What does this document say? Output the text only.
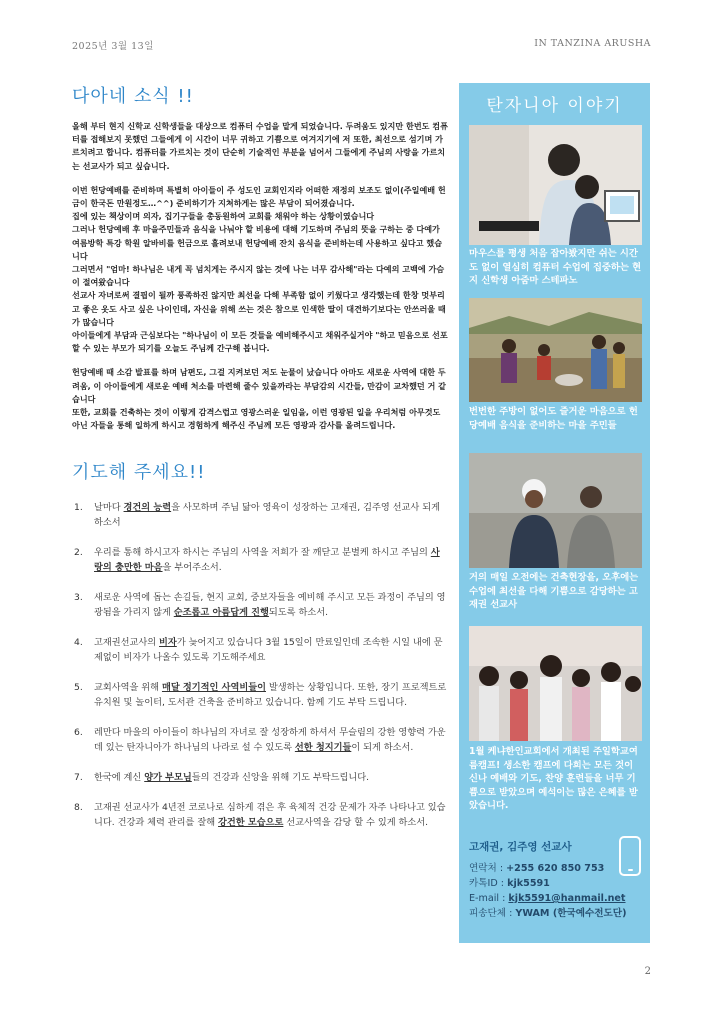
2025년 3월 13일	IN TANZINA ARUSHA
다아네 소식 !!

올해 부터 현지 신학교 신학생들을 대상으로 컴퓨터 수업을 맡게 되었습니다. 두려움도 있지만 한번도 컴퓨터를 접해보지 못했던 그들에게 이 시간이 너무 귀하고 기쁨으로 여겨지기에 저 또한, 최선으로 섬기며 가르치려고 합니다. 컴퓨터를 가르치는 것이 단순히 기술적인 부분을 넘어서 그들에게 주님의 사랑을 가르치는 선교사가 되고 싶습니다.

이번 헌당예배를 준비하며 특별히 아이들이 주 성도인 교회인지라 어떠한 재정의 보조도 없이(주일예배 헌금이 한국돈 만원정도…^^) 준비하기가 지쳐하게는 많은 부담이 되어졌습니다.

집에 있는 책상이며 의자, 집기구들을 총동원하여 교회를 채워야 하는 상황이였습니다

그러나 헌당예배 후 마을주민들과 음식을 나눠야 할 비용에 대해 기도하며 주님의 뜻을 구하는 중 다예가 여름방학 특강 학원 알바비를 헌금으로 흘려보내 헌당예배 잔치 음식을 준비하는데 사용하고 싶다고 했습니다

그러면서 "엄마! 하나님은 내게 꼭 넘치게는 주시지 않는 것에 나는 너무 감사해"라는 다예의 고백에 가슴이 절여왔습니다

선교사 자녀로써 결핍이 될까 풍족하진 않지만 최선을 다해 부족함 없이 키웠다고 생각했는데 한창 멋부리고 좋은 옷도 사고 싶은 나이인데, 자신을 위해 쓰는 것은 참으로 인색한 딸이 대견하기보다는 안쓰러울 때가 많습니다

아이들에게 부담과 근심보다는 "하나님이 이 모든 것들을 예비해주시고 채워주실거야 "하고 믿음으로 선포할 수 있는 부모가 되기를 오늘도 주님께 간구해 봅니다.

헌당예배 때 소감 발표를 하며 남편도, 그걸 지켜보던 저도 눈물이 났습니다 아마도 새로운 사역에 대한 두려움, 이 아이들에게 새로운 예배 처소를 마련해 줄수 있을까라는 부담감의 시간들, 만감이 교차했던 거 같습니다

또한, 교회를 건축하는 것이 이렇게 감격스럽고 영광스러운 일임을, 이런 영광된 일을 우리처럼 아무것도 아닌 자들을 통해 일하게 하시고 경험하게 해주신 주님께 모든 영광과 감사를 올려드립니다.

기도해 주세요!!
1. 날마다 경건의 능력을 사모하며 주님 닮아 영육이 성장하는 고재권, 김주영 선교사 되게 하소서
2. 우리를 통해 하시고자 하시는 주님의 사역을 저희가 잘 깨닫고 분별케 하시고 주님의 사랑의 충만한 마음을 부어주소서.
3. 새로운 사역에 돕는 손길들, 현지 교회, 중보자들을 예비해 주시고 모든 과정이 주님의 영광됨을 가리지 않게 순조롭고 아름답게 진행되도록 하소서.
4. 고재권선교사의 비자가 늦어지고 있습니다 3월 15일이 만료일인데 조속한 시일 내에 문제없이 비자가 나올수 있도록 기도해주세요
5. 교회사역을 위해 매달 정기적인 사역비들이 발생하는 상황입니다. 또한, 장기 프로젝트로 유치원 및 놀이터, 도서관 건축을 준비하고 있습니다. 함께 기도 부탁 드립니다.
6. 레만다 마을의 아이들이 하나님의 자녀로 잘 성장하게 하셔서 무슬림의 강한 영향력 가운데 있는 탄자니아가 하나님의 나라로 설 수 있도록 선한 청지기들이 되게 하소서.
7. 한국에 계신 양가 부모님들의 건강과 신앙을 위해 기도 부탁드립니다.
8. 고재권 선교사가 4년전 코로나로 심하게 겪은 후 육체적 건강 문제가 자주 나타나고 있습니다. 건강과 체력 관리를 잘해 강건한 모습으로 선교사역을 감당 할 수 있게 하소서.
탄자니아 이야기
마우스를 평생 처음 잡아봤지만 쉬는 시간도 없이 열심히 컴퓨터 수업에 집중하는 현지 신학생 아줌마 스테파노
번번한 주방이 없어도 즐거운 마음으로 헌당예배 음식을 준비하는 마을 주민들
거의 매일 오전에는 건축현장을, 오후에는 수업에 최선을 다해 기쁨으로 감당하는 고재권 선교사
1월 케냐한인교회에서 개최된 주일학교여름캠프! 생소한 캠프에 다희는 모든 것이 신나 예배와 기도, 찬양 훈련들을 너무 기쁨으로 받았으며 예석이는 많은 은혜를 받았습니다.
고재권, 김주영 선교사
연락처 : +255 620 850 753
카톡ID : kjk5591
E-mail : kjk5591@hanmail.net
피송단체 : YWAM (한국예수전도단)
2
